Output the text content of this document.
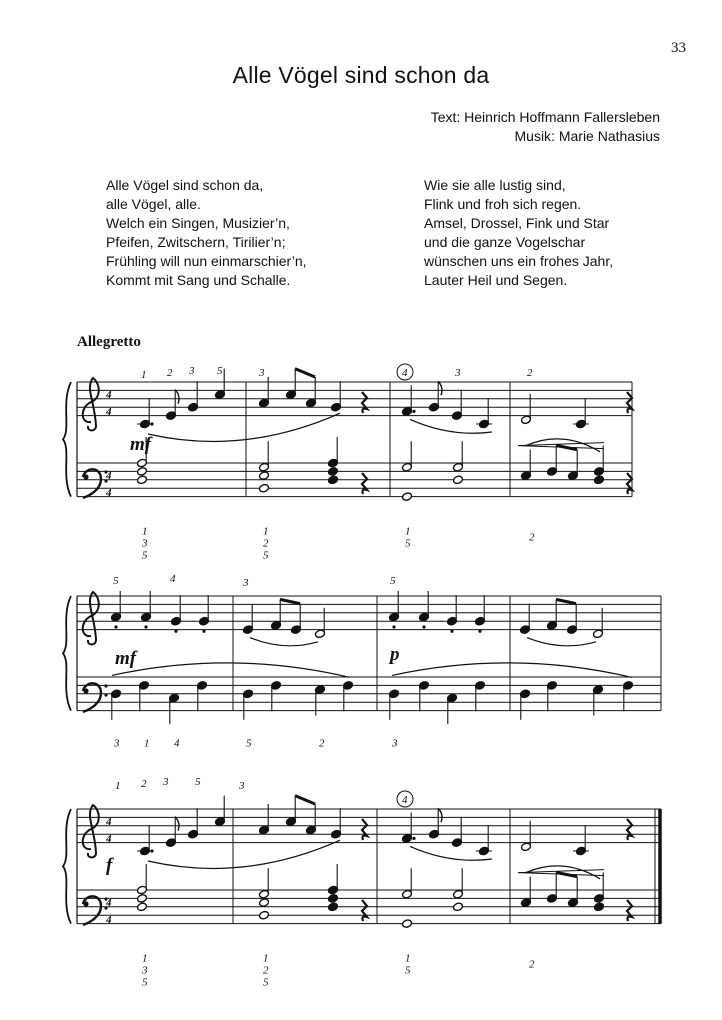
33
Alle Vögel sind schon da
Text: Heinrich Hoffmann Fallersleben
Musik: Marie Nathasius
Alle Vögel sind schon da,
alle Vögel, alle.
Welch ein Singen, Musizier’n,
Pfeifen, Zwitschern, Tirilier’n;
Frühling will nun einmarschier’n,
Kommt mit Sang und Schalle.
Wie sie alle lustig sind,
Flink und froh sich regen.
Amsel, Drossel, Fink und Star
und die ganze Vogelschar
wünschen uns ein frohes Jahr,
Lauter Heil und Segen.
Allegretto
4
4
4
4
4
4
4
4
1 2 3 5	3	4	3	2
1
3
5
1
2
5
1
5	2
1 2 3 5	3
4
1
3
5
1
2
5
1
5	2
mf
mf	p
f
5	4	3	5
3 1 4	5	2	3
